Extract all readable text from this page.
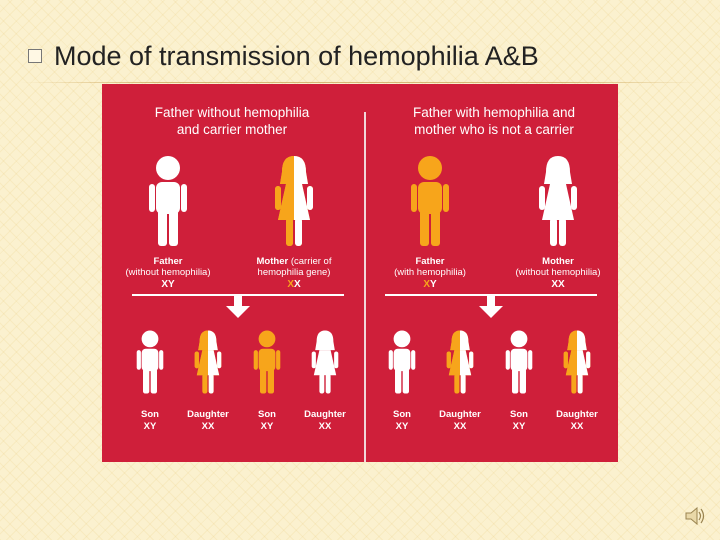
Mode of transmission of hemophilia A&B
Father without hemophilia
and carrier mother
Father with hemophilia and
mother who is not a carrier
Father
(without hemophilia)
XY
Mother (carrier of
hemophilia gene)
XX
Father
(with hemophilia)
XY
Mother
(without hemophilia)
XX
Son
XY
Daughter
XX
Son
XY
Daughter
XX
Son
XY
Daughter
XX
Son
XY
Daughter
XX
